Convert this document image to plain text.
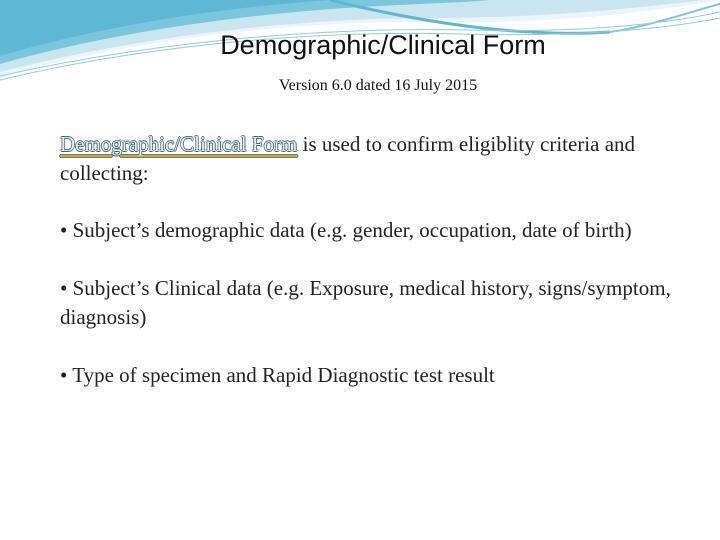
Demographic/Clinical Form
Version 6.0 dated 16 July 2015

Demographic/Clinical Form is used to confirm eligiblity criteria and collecting:

• Subject’s demographic data (e.g. gender, occupation, date of birth)

• Subject’s Clinical data (e.g. Exposure, medical history, signs/symptom, diagnosis)

• Type of specimen and Rapid Diagnostic test result
